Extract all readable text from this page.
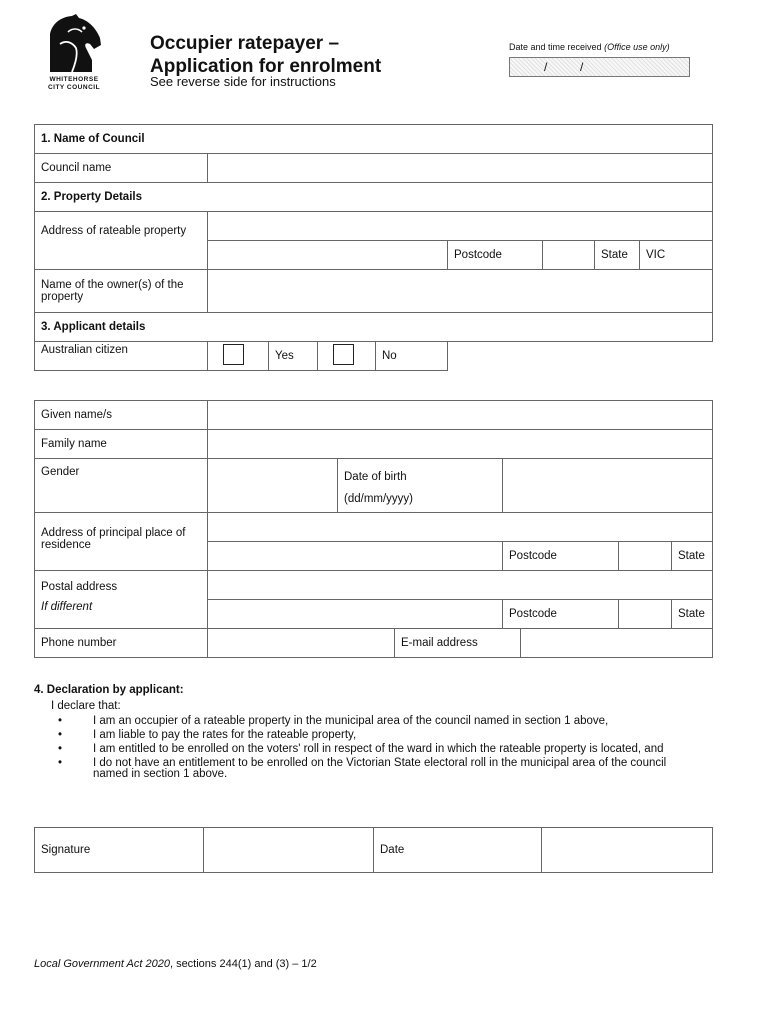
WHITEHORSE
CITY COUNCIL
Occupier ratepayer –
Application for enrolment
See reverse side for instructions
Date and time received (Office use only)
/	/
1. Name of Council								
Council name								
2. Property Details								
Address of rateable property								
					Postcode		State	VIC
Name of the owner(s) of the property								
3. Applicant details								
Australian citizen		Yes		No				
Given name/s								
Family name								
Gender		Date of birth
(dd/mm/yyyy)						

Address of principal place of residence								
				Postcode			State	

Postal address
If different								

				Postcode			State	
Phone number			E-mail address					
4. Declaration by applicant:
I declare that:
• I am an occupier of a rateable property in the municipal area of the council named in section 1 above,
• I am liable to pay the rates for the rateable property,
• I am entitled to be enrolled on the voters' roll in respect of the ward in which the rateable property is located, and
• I do not have an entitlement to be enrolled on the Victorian State electoral roll in the municipal area of the council named in section 1 above.
Signature		Date	
Local Government Act 2020, sections 244(1) and (3) – 1/2
